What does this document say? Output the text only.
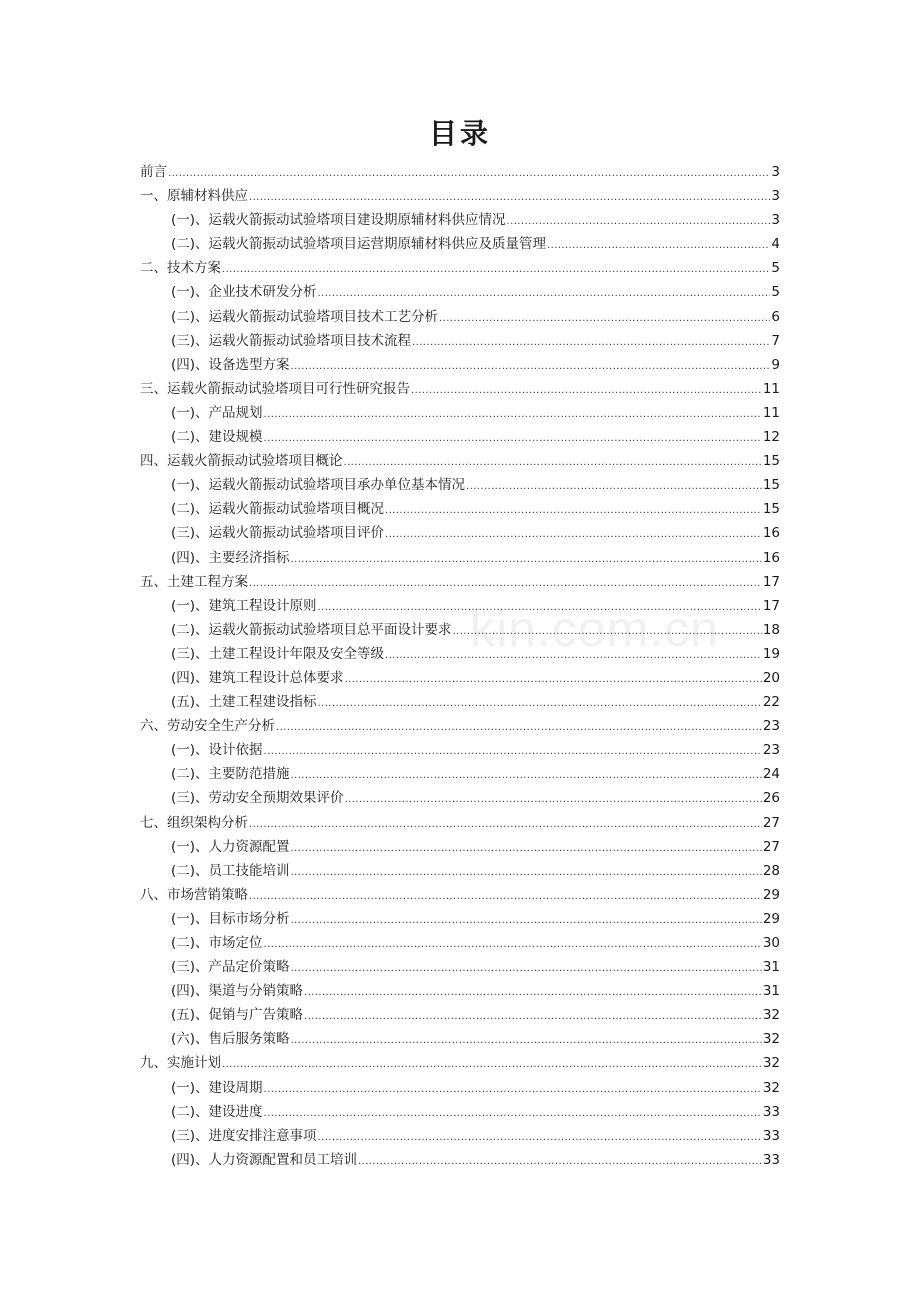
目录
kin.com.cn
前言 .....	3
一、原辅材料供应 .....	3
(一)、运载火箭振动试验塔项目建设期原辅材料供应情况 .....	3
(二)、运载火箭振动试验塔项目运营期原辅材料供应及质量管理 .....	4
二、技术方案 .....	5
(一)、企业技术研发分析 .....	5
(二)、运载火箭振动试验塔项目技术工艺分析 .....	6
(三)、运载火箭振动试验塔项目技术流程 .....	7
(四)、设备选型方案 .....	9
三、运载火箭振动试验塔项目可行性研究报告 .....	11
(一)、产品规划 .....	11
(二)、建设规模 .....	12
四、运载火箭振动试验塔项目概论 .....	15
(一)、运载火箭振动试验塔项目承办单位基本情况 .....	15
(二)、运载火箭振动试验塔项目概况 .....	15
(三)、运载火箭振动试验塔项目评价 .....	16
(四)、主要经济指标 .....	16
五、土建工程方案 .....	17
(一)、建筑工程设计原则 .....	17
(二)、运载火箭振动试验塔项目总平面设计要求 .....	18
(三)、土建工程设计年限及安全等级 .....	19
(四)、建筑工程设计总体要求 .....	20
(五)、土建工程建设指标 .....	22
六、劳动安全生产分析 .....	23
(一)、设计依据 .....	23
(二)、主要防范措施 .....	24
(三)、劳动安全预期效果评价 .....	26
七、组织架构分析 .....	27
(一)、人力资源配置 .....	27
(二)、员工技能培训 .....	28
八、市场营销策略 .....	29
(一)、目标市场分析 .....	29
(二)、市场定位 .....	30
(三)、产品定价策略 .....	31
(四)、渠道与分销策略 .....	31
(五)、促销与广告策略 .....	32
(六)、售后服务策略 .....	32
九、实施计划 .....	32
(一)、建设周期 .....	32
(二)、建设进度 .....	33
(三)、进度安排注意事项 .....	33
(四)、人力资源配置和员工培训 .....	33
